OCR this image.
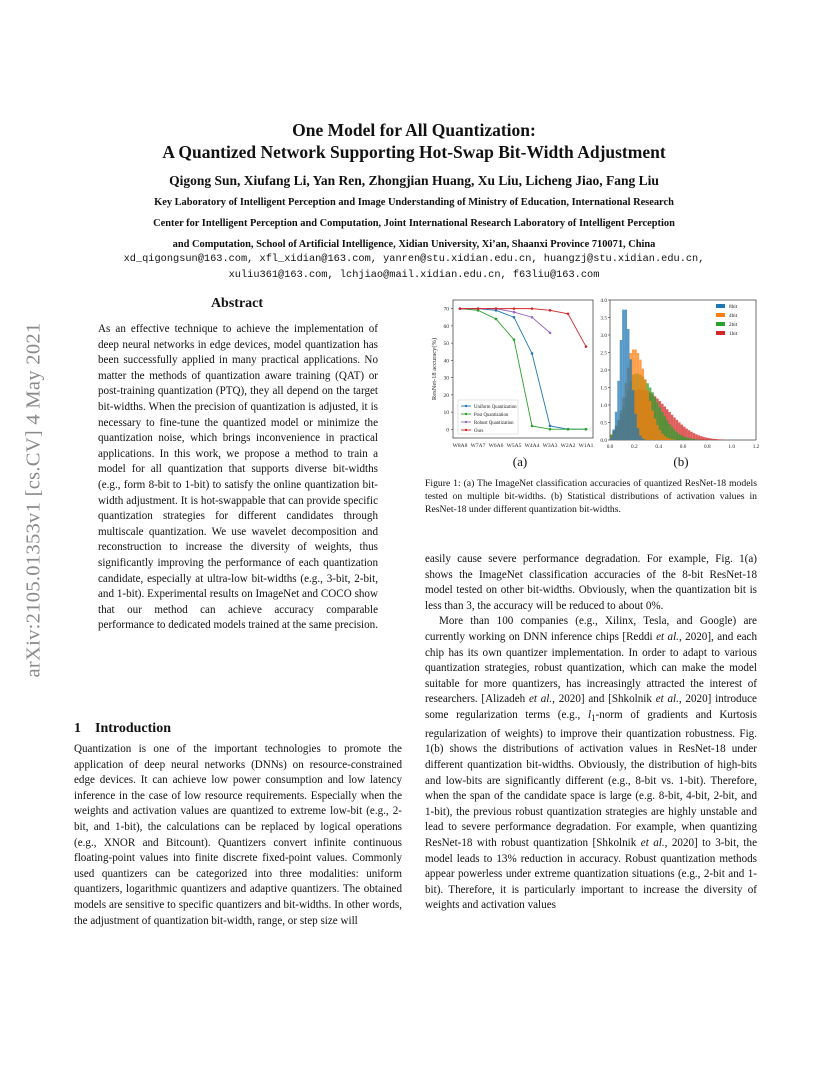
One Model for All Quantization:
A Quantized Network Supporting Hot-Swap Bit-Width Adjustment
Qigong Sun, Xiufang Li, Yan Ren, Zhongjian Huang, Xu Liu, Licheng Jiao, Fang Liu
Key Laboratory of Intelligent Perception and Image Understanding of Ministry of Education, International Research
Center for Intelligent Perception and Computation, Joint International Research Laboratory of Intelligent Perception
and Computation, School of Artificial Intelligence, Xidian University, Xi’an, Shaanxi Province 710071, China
xd_qigongsun@163.com, xfl_xidian@163.com, yanren@stu.xidian.edu.cn, huangzj@stu.xidian.edu.cn,
xuliu361@163.com, lchjiao@mail.xidian.edu.cn, f63liu@163.com
arXiv:2105.01353v1 [cs.CV] 4 May 2021
Abstract
As an effective technique to achieve the implementation of deep neural networks in edge devices, model quantization has been successfully applied in many practical applications. No matter the methods of quantization aware training (QAT) or post-training quantization (PTQ), they all depend on the target bit-widths. When the precision of quantization is adjusted, it is necessary to fine-tune the quantized model or minimize the quantization noise, which brings inconvenience in practical applications. In this work, we propose a method to train a model for all quantization that supports diverse bit-widths (e.g., form 8-bit to 1-bit) to satisfy the online quantization bit-width adjustment. It is hot-swappable that can provide specific quantization strategies for different candidates through multiscale quantization. We use wavelet decomposition and reconstruction to increase the diversity of weights, thus significantly improving the performance of each quantization candidate, especially at ultra-low bit-widths (e.g., 3-bit, 2-bit, and 1-bit). Experimental results on ImageNet and COCO show that our method can achieve accuracy comparable performance to dedicated models trained at the same precision.
1 Introduction
Quantization is one of the important technologies to promote the application of deep neural networks (DNNs) on resource-constrained edge devices. It can achieve low power consumption and low latency inference in the case of low resource requirements. Especially when the weights and activation values are quantized to extreme low-bit (e.g., 2-bit, and 1-bit), the calculations can be replaced by logical operations (e.g., XNOR and Bitcount). Quantizers convert infinite continuous floating-point values into finite discrete fixed-point values. Commonly used quantizers can be categorized into three modalities: uniform quantizers, logarithmic quantizers and adaptive quantizers. The obtained models are sensitive to specific quantizers and bit-widths. In other words, the adjustment of quantization bit-width, range, or step size will
0
10
20
30
40
50
60
70
W8A8 W7A7 W6A6 W5A5 W4A4 W3A3 W2A2 W1A1
ResNet-18 accuracy(%)
Uniform Quantization
Post Quantization
Robust Quantization
Ours
(a)
0.0
0.5
1.0
1.5
2.0
2.5
3.0
3.5
4.0
0.0	0.2	0.4	0.6	0.8	1.0	1.2
8bit
4bit
2bit
1bit
(b)
Figure 1: (a) The ImageNet classification accuracies of quantized ResNet-18 models tested on multiple bit-widths. (b) Statistical distributions of activation values in ResNet-18 under different quantization bit-widths.

easily cause severe performance degradation. For example, Fig. 1(a) shows the ImageNet classification accuracies of the 8-bit ResNet-18 model tested on other bit-widths. Obviously, when the quantization bit is less than 3, the accuracy will be reduced to about 0%.

More than 100 companies (e.g., Xilinx, Tesla, and Google) are currently working on DNN inference chips [Reddi et al., 2020], and each chip has its own quantizer implementation. In order to adapt to various quantization strategies, robust quantization, which can make the model suitable for more quantizers, has increasingly attracted the interest of researchers. [Alizadeh et al., 2020] and [Shkolnik et al., 2020] introduce some regularization terms (e.g., $l_1$-norm of gradients and Kurtosis regularization of weights) to improve their quantization robustness. Fig. 1(b) shows the distributions of activation values in ResNet-18 under different quantization bit-widths. Obviously, the distribution of high-bits and low-bits are significantly different (e.g., 8-bit vs. 1-bit). Therefore, when the span of the candidate space is large (e.g. 8-bit, 4-bit, 2-bit, and 1-bit), the previous robust quantization strategies are highly unstable and lead to severe performance degradation. For example, when quantizing ResNet-18 with robust quantization [Shkolnik et al., 2020] to 3-bit, the model leads to 13% reduction in accuracy. Robust quantization methods appear powerless under extreme quantization situations (e.g., 2-bit and 1-bit). Therefore, it is particularly important to increase the diversity of weights and activation values
